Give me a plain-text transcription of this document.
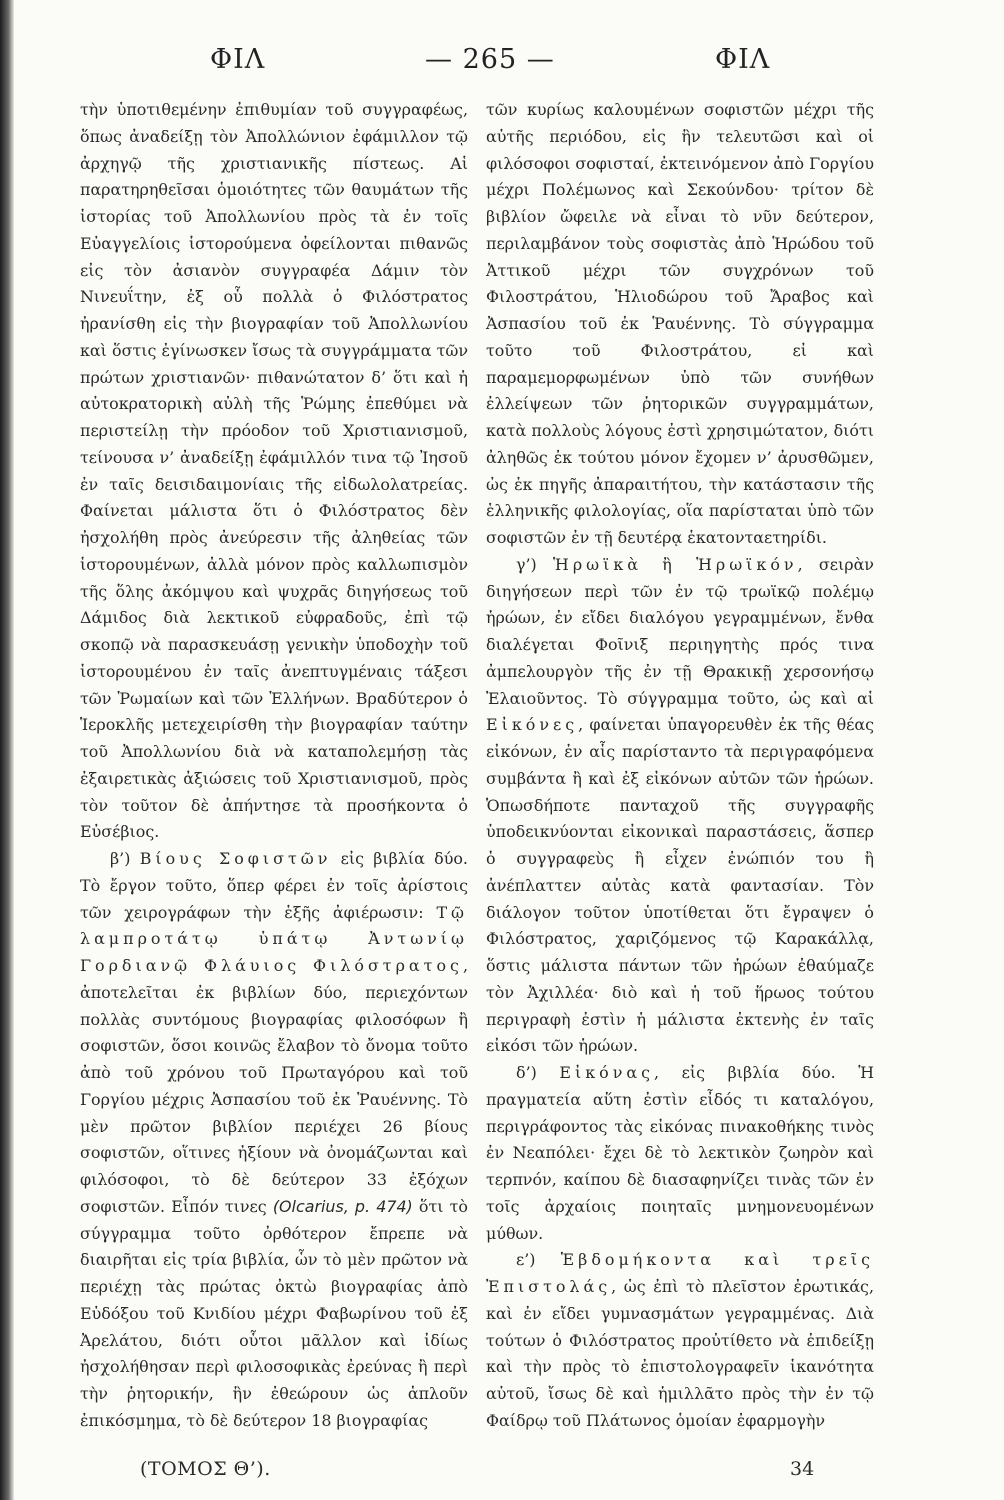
ΦΙΛ	— 265 —	ΦΙΛ

τὴν ὑποτιθεμένην ἐπιθυμίαν τοῦ συγγραφέως, ὅπως ἀναδείξῃ τὸν Ἀπολλώνιον ἐφάμιλλον τῷ ἀρχηγῷ τῆς χριστιανικῆς πίστεως. Αἱ παρατηρηθεῖσαι ὁμοιότητες τῶν θαυμάτων τῆς ἱστορίας τοῦ Ἀπολλωνίου πρὸς τὰ ἐν τοῖς Εὐαγγελίοις ἱστορούμενα ὀφείλονται πιθανῶς εἰς τὸν ἀσιανὸν συγγραφέα Δάμιν τὸν Νινευΐτην, ἐξ οὗ πολλὰ ὁ Φιλόστρατος ἠρανίσθη εἰς τὴν βιογραφίαν τοῦ Ἀπολλωνίου καὶ ὅστις ἐγίνωσκεν ἴσως τὰ συγγράμματα τῶν πρώτων χριστιανῶν· πιθανώτατον δ’ ὅτι καὶ ἡ αὐτοκρατορικὴ αὐλὴ τῆς Ῥώμης ἐπεθύμει νὰ περιστείλῃ τὴν πρόοδον τοῦ Χριστιανισμοῦ, τείνουσα ν’ ἀναδείξῃ ἐφάμιλλόν τινα τῷ Ἰησοῦ ἐν ταῖς δεισιδαιμονίαις τῆς εἰδωλολατρείας. Φαίνεται μάλιστα ὅτι ὁ Φιλόστρατος δὲν ἠσχολήθη πρὸς ἀνεύρεσιν τῆς ἀληθείας τῶν ἱστορουμένων, ἀλλὰ μόνον πρὸς καλλωπισμὸν τῆς ὅλης ἀκόμψου καὶ ψυχρᾶς διηγήσεως τοῦ Δάμιδος διὰ λεκτικοῦ εὐφραδοῦς, ἐπὶ τῷ σκοπῷ νὰ παρασκευάσῃ γενικὴν ὑποδοχὴν τοῦ ἱστορουμένου ἐν ταῖς ἀνεπτυγμέναις τάξεσι τῶν Ῥωμαίων καὶ τῶν Ἑλλήνων. Βραδύτερον ὁ Ἱεροκλῆς μετεχειρίσθη τὴν βιογραφίαν ταύτην τοῦ Ἀπολλωνίου διὰ νὰ καταπολεμήσῃ τὰς ἐξαιρετικὰς ἀξιώσεις τοῦ Χριστιανισμοῦ, πρὸς τὸν τοῦτον δὲ ἀπήντησε τὰ προσήκοντα ὁ Εὐσέβιος.

β’) Βίους Σοφιστῶν εἰς βιβλία δύο. Τὸ ἔργον τοῦτο, ὅπερ φέρει ἐν τοῖς ἀρίστοις τῶν χειρογράφων τὴν ἑξῆς ἀφιέρωσιν: Τῷ λαμπροτάτῳ ὑπάτῳ Ἀντωνίῳ Γορδιανῷ Φλάυιος Φιλόστρατος, ἀποτελεῖται ἐκ βιβλίων δύο, περιεχόντων πολλὰς συντόμους βιογραφίας φιλοσόφων ἢ σοφιστῶν, ὅσοι κοινῶς ἔλαβον τὸ ὄνομα τοῦτο ἀπὸ τοῦ χρόνου τοῦ Πρωταγόρου καὶ τοῦ Γοργίου μέχρις Ἀσπασίου τοῦ ἐκ Ῥαυέννης. Τὸ μὲν πρῶτον βιβλίον περιέχει 26 βίους σοφιστῶν, οἵτινες ἠξίουν νὰ ὀνομάζωνται καὶ φιλόσοφοι, τὸ δὲ δεύτερον 33 ἐξόχων σοφιστῶν. Εἶπόν τινες (Olcarius, p. 474) ὅτι τὸ σύγγραμμα τοῦτο ὀρθότερον ἔπρεπε νὰ διαιρῆται εἰς τρία βιβλία, ὧν τὸ μὲν πρῶτον νὰ περιέχῃ τὰς πρώτας ὀκτὼ βιογραφίας ἀπὸ Εὐδόξου τοῦ Κνιδίου μέχρι Φαβωρίνου τοῦ ἐξ Ἀρελάτου, διότι οὗτοι μᾶλλον καὶ ἰδίως ἠσχολήθησαν περὶ φιλοσοφικὰς ἐρεύνας ἢ περὶ τὴν ῥητορικήν, ἣν ἐθεώρουν ὡς ἁπλοῦν ἐπικόσμημα, τὸ δὲ δεύτερον 18 βιογραφίας

τῶν κυρίως καλουμένων σοφιστῶν μέχρι τῆς αὐτῆς περιόδου, εἰς ἣν τελευτῶσι καὶ οἱ φιλόσοφοι σοφισταί, ἐκτεινόμενον ἀπὸ Γοργίου μέχρι Πολέμωνος καὶ Σεκούνδου· τρίτον δὲ βιβλίον ὤφειλε νὰ εἶναι τὸ νῦν δεύτερον, περιλαμβάνον τοὺς σοφιστὰς ἀπὸ Ἡρώδου τοῦ Ἀττικοῦ μέχρι τῶν συγχρόνων τοῦ Φιλοστράτου, Ἡλιοδώρου τοῦ Ἄραβος καὶ Ἀσπασίου τοῦ ἐκ Ῥαυέννης. Τὸ σύγγραμμα τοῦτο τοῦ Φιλοστράτου, εἰ καὶ παραμεμορφωμένων ὑπὸ τῶν συνήθων ἐλλείψεων τῶν ῥητορικῶν συγγραμμάτων, κατὰ πολλοὺς λόγους ἐστὶ χρησιμώτατον, διότι ἀληθῶς ἐκ τούτου μόνον ἔχομεν ν’ ἀρυσθῶμεν, ὡς ἐκ πηγῆς ἀπαραιτήτου, τὴν κατάστασιν τῆς ἑλληνικῆς φιλολογίας, οἵα παρίσταται ὑπὸ τῶν σοφιστῶν ἐν τῇ δευτέρᾳ ἑκατονταετηρίδι.

γ’) Ἡρωϊκὰ ἢ Ἡρωϊκόν, σειρὰν διηγήσεων περὶ τῶν ἐν τῷ τρωϊκῷ πολέμῳ ἡρώων, ἐν εἴδει διαλόγου γεγραμμένων, ἔνθα διαλέγεται Φοῖνιξ περιηγητὴς πρός τινα ἀμπελουργὸν τῆς ἐν τῇ Θρακικῇ χερσονήσῳ Ἐλαιοῦντος. Τὸ σύγγραμμα τοῦτο, ὡς καὶ αἱ Εἰκόνες, φαίνεται ὑπαγορευθὲν ἐκ τῆς θέας εἰκόνων, ἐν αἷς παρίσταντο τὰ περιγραφόμενα συμβάντα ἢ καὶ ἐξ εἰκόνων αὐτῶν τῶν ἡρώων. Ὁπωσδήποτε πανταχοῦ τῆς συγγραφῆς ὑποδεικνύονται εἰκονικαὶ παραστάσεις, ἅσπερ ὁ συγγραφεὺς ἢ εἶχεν ἐνώπιόν του ἢ ἀνέπλαττεν αὐτὰς κατὰ φαντασίαν. Τὸν διάλογον τοῦτον ὑποτίθεται ὅτι ἔγραψεν ὁ Φιλόστρατος, χαριζόμενος τῷ Καρακάλλᾳ, ὅστις μάλιστα πάντων τῶν ἡρώων ἐθαύμαζε τὸν Ἀχιλλέα· διὸ καὶ ἡ τοῦ ἥρωος τούτου περιγραφὴ ἐστὶν ἡ μάλιστα ἐκτενὴς ἐν ταῖς εἰκόσι τῶν ἡρώων.

δ’) Εἰκόνας, εἰς βιβλία δύο. Ἡ πραγματεία αὕτη ἐστὶν εἶδός τι καταλόγου, περιγράφοντος τὰς εἰκόνας πινακοθήκης τινὸς ἐν Νεαπόλει· ἔχει δὲ τὸ λεκτικὸν ζωηρὸν καὶ τερπνόν, καίπου δὲ διασαφηνίζει τινὰς τῶν ἐν τοῖς ἀρχαίοις ποιηταῖς μνημονευομένων μύθων.

ε’) Ἑβδομήκοντα καὶ τρεῖς Ἐπιστολάς, ὡς ἐπὶ τὸ πλεῖστον ἐρωτικάς, καὶ ἐν εἴδει γυμνασμάτων γεγραμμένας. Διὰ τούτων ὁ Φιλόστρατος προὐτίθετο νὰ ἐπιδείξῃ καὶ τὴν πρὸς τὸ ἐπιστολογραφεῖν ἱκανότητα αὐτοῦ, ἴσως δὲ καὶ ἡμιλλᾶτο πρὸς τὴν ἐν τῷ Φαίδρῳ τοῦ Πλάτωνος ὁμοίαν ἐφαρμογὴν

(ΤΟΜΟΣ Θ’).	34
